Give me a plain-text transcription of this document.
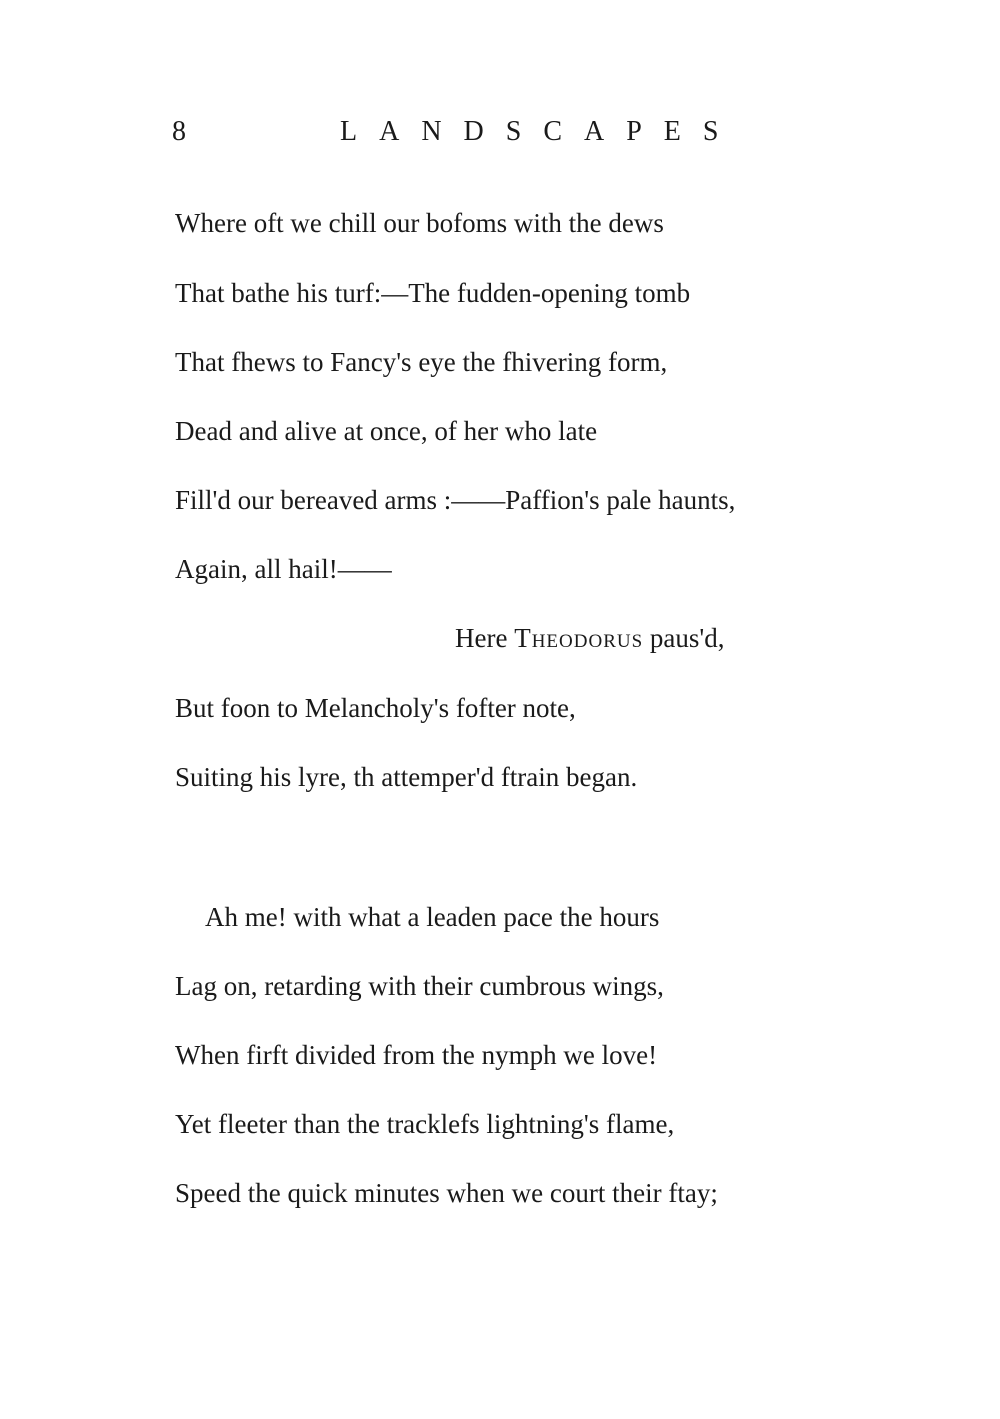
8	LANDSCAPES
Where oft we chill our bofoms with the dews
That bathe his turf:—The fudden-opening tomb
That fhews to Fancy's eye the fhivering form,
Dead and alive at once, of her who late
Fill'd our bereaved arms :——Paffion's pale haunts,
Again, all hail!——
Here Theodorus paus'd,
But foon to Melancholy's fofter note,
Suiting his lyre, th attemper'd ftrain began.
Ah me! with what a leaden pace the hours
Lag on, retarding with their cumbrous wings,
When firft divided from the nymph we love!
Yet fleeter than the tracklefs lightning's flame,
Speed the quick minutes when we court their ftay;
